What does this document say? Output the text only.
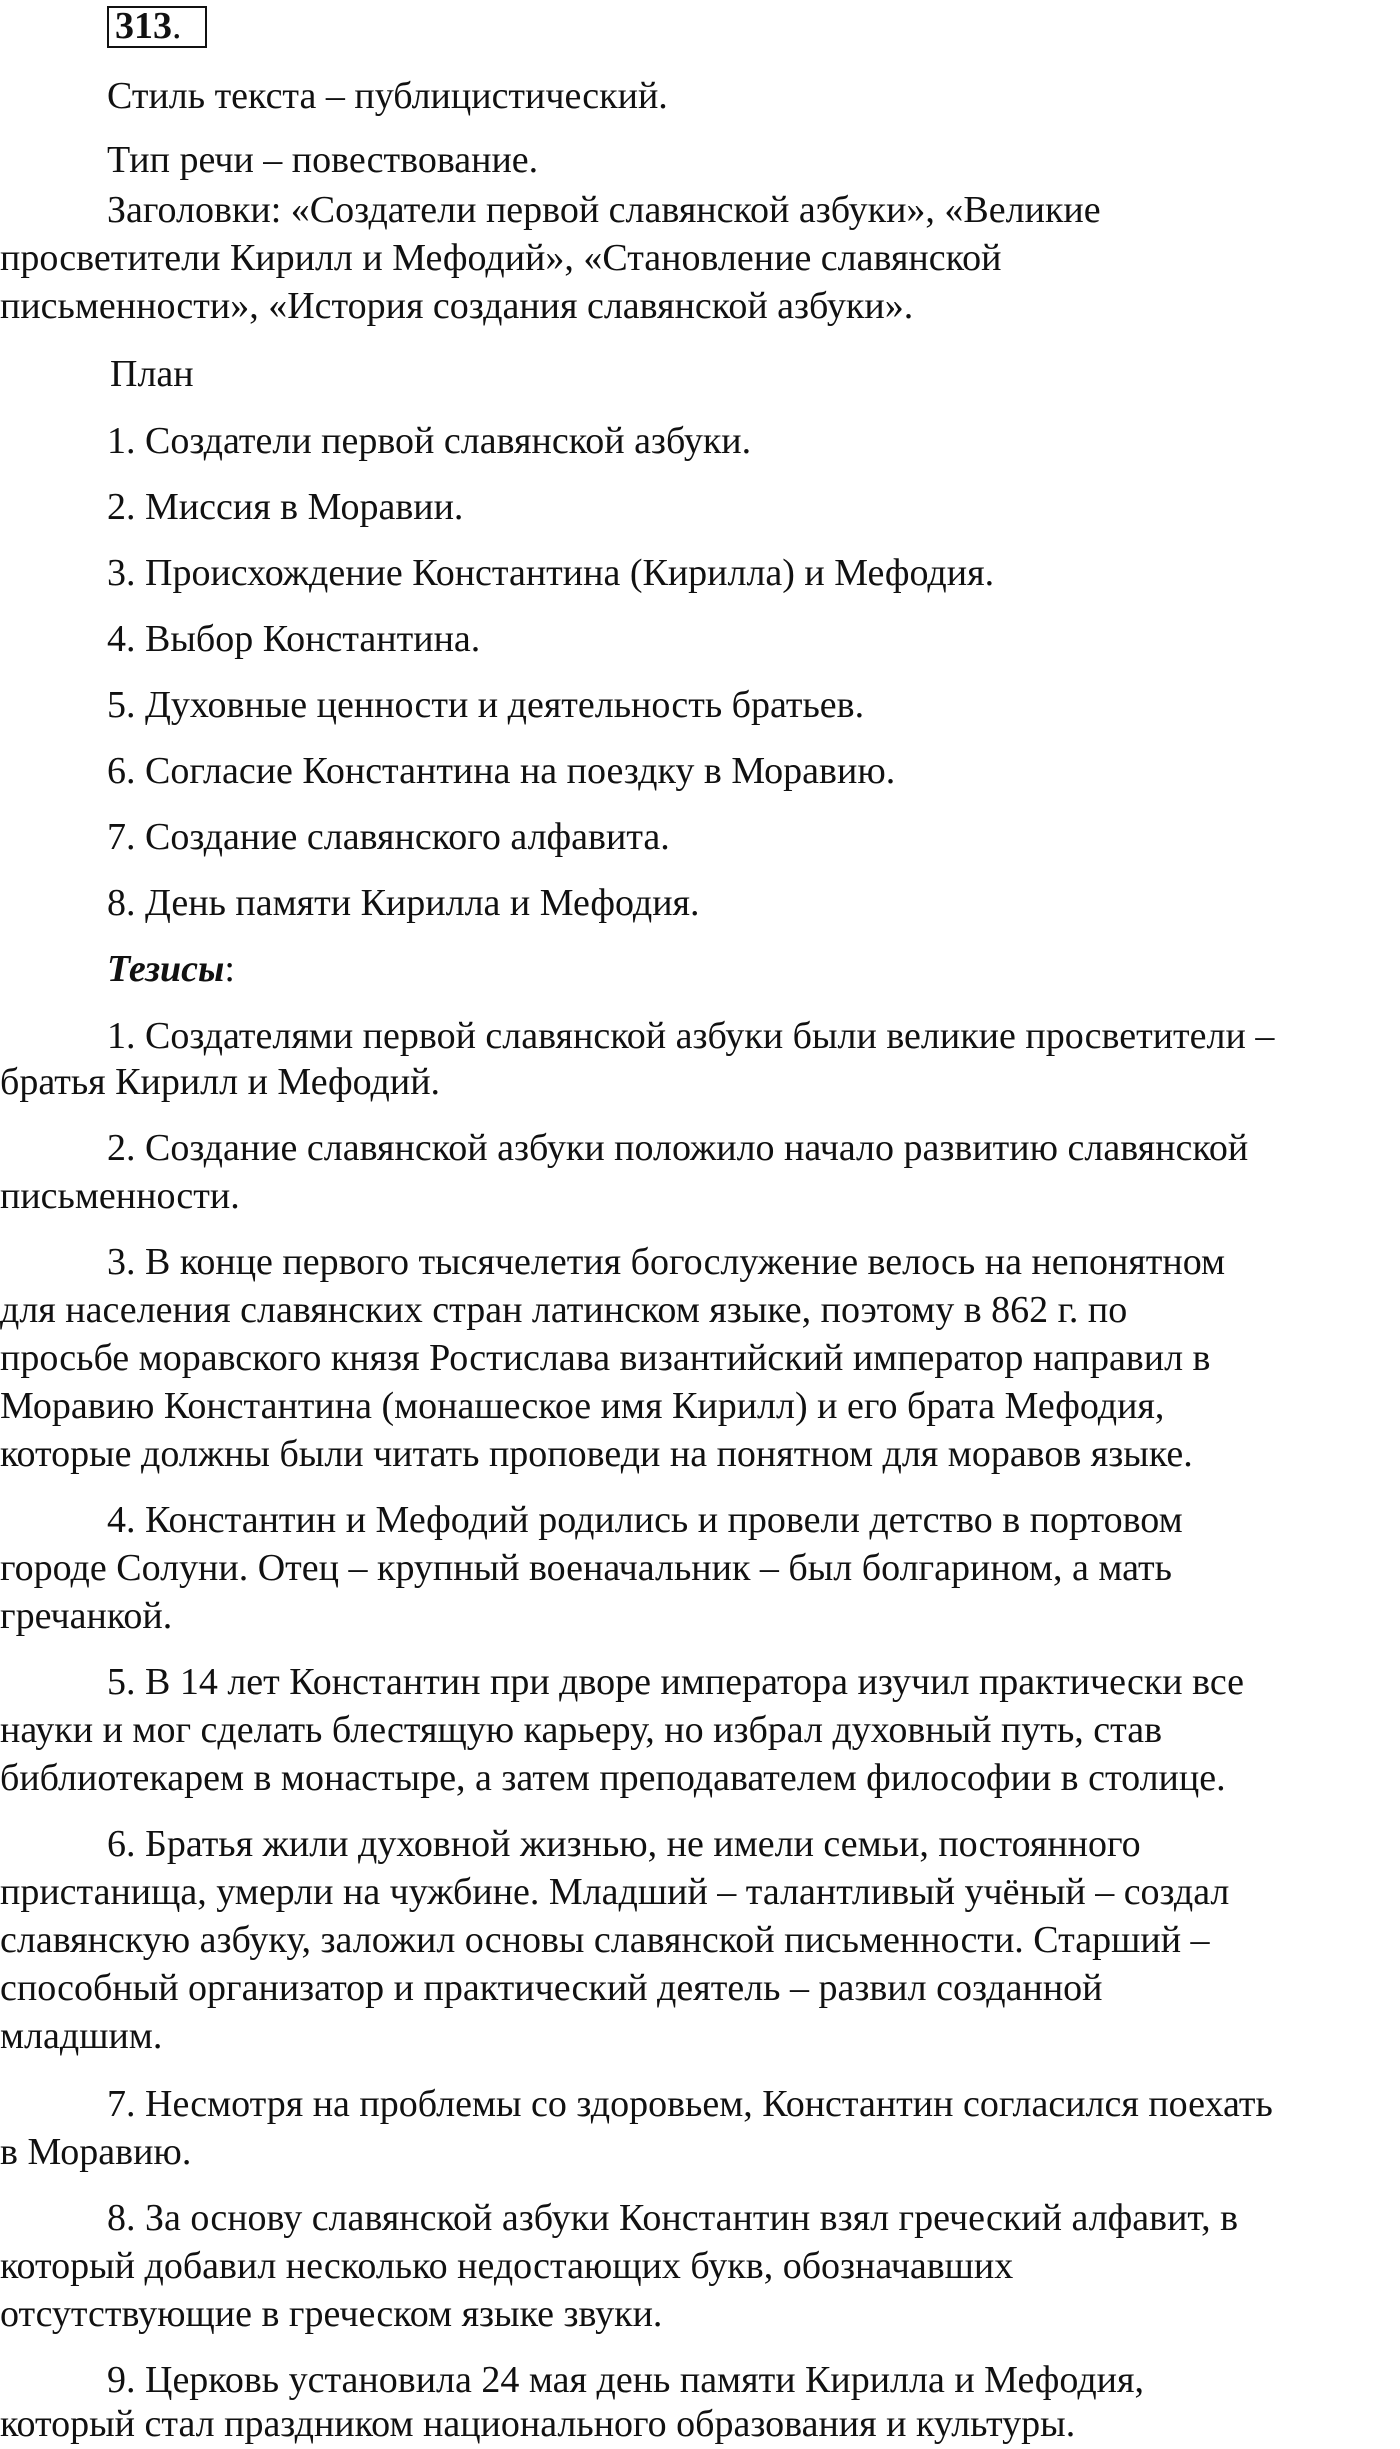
313.
Стиль текста – публицистический.
Тип речи – повествование.
Заголовки: «Создатели первой славянской азбуки», «Великие
просветители Кирилл и Мефодий», «Становление славянской
письменности», «История создания славянской азбуки».
План
1. Создатели первой славянской азбуки.
2. Миссия в Моравии.
3. Происхождение Константина (Кирилла) и Мефодия.
4. Выбор Константина.
5. Духовные ценности и деятельность братьев.
6. Согласие Константина на поездку в Моравию.
7. Создание славянского алфавита.
8. День памяти Кирилла и Мефодия.
Тезисы:
1. Создателями первой славянской азбуки были великие просветители –
братья Кирилл и Мефодий.
2. Создание славянской азбуки положило начало развитию славянской
письменности.
3. В конце первого тысячелетия богослужение велось на непонятном
для населения славянских стран латинском языке, поэтому в 862 г. по
просьбе моравского князя Ростислава византийский император направил в
Моравию Константина (монашеское имя Кирилл) и его брата Мефодия,
которые должны были читать проповеди на понятном для моравов языке.
4. Константин и Мефодий родились и провели детство в портовом
городе Солуни. Отец – крупный военачальник – был болгарином, а мать
гречанкой.
5. В 14 лет Константин при дворе императора изучил практически все
науки и мог сделать блестящую карьеру, но избрал духовный путь, став
библиотекарем в монастыре, а затем преподавателем философии в столице.
6. Братья жили духовной жизнью, не имели семьи, постоянного
пристанища, умерли на чужбине. Младший – талантливый учёный – создал
славянскую азбуку, заложил основы славянской письменности. Старший –
способный организатор и практический деятель – развил созданной
младшим.
7. Несмотря на проблемы со здоровьем, Константин согласился поехать
в Моравию.
8. За основу славянской азбуки Константин взял греческий алфавит, в
который добавил несколько недостающих букв, обозначавших
отсутствующие в греческом языке звуки.
9. Церковь установила 24 мая день памяти Кирилла и Мефодия,
который стал праздником национального образования и культуры.
